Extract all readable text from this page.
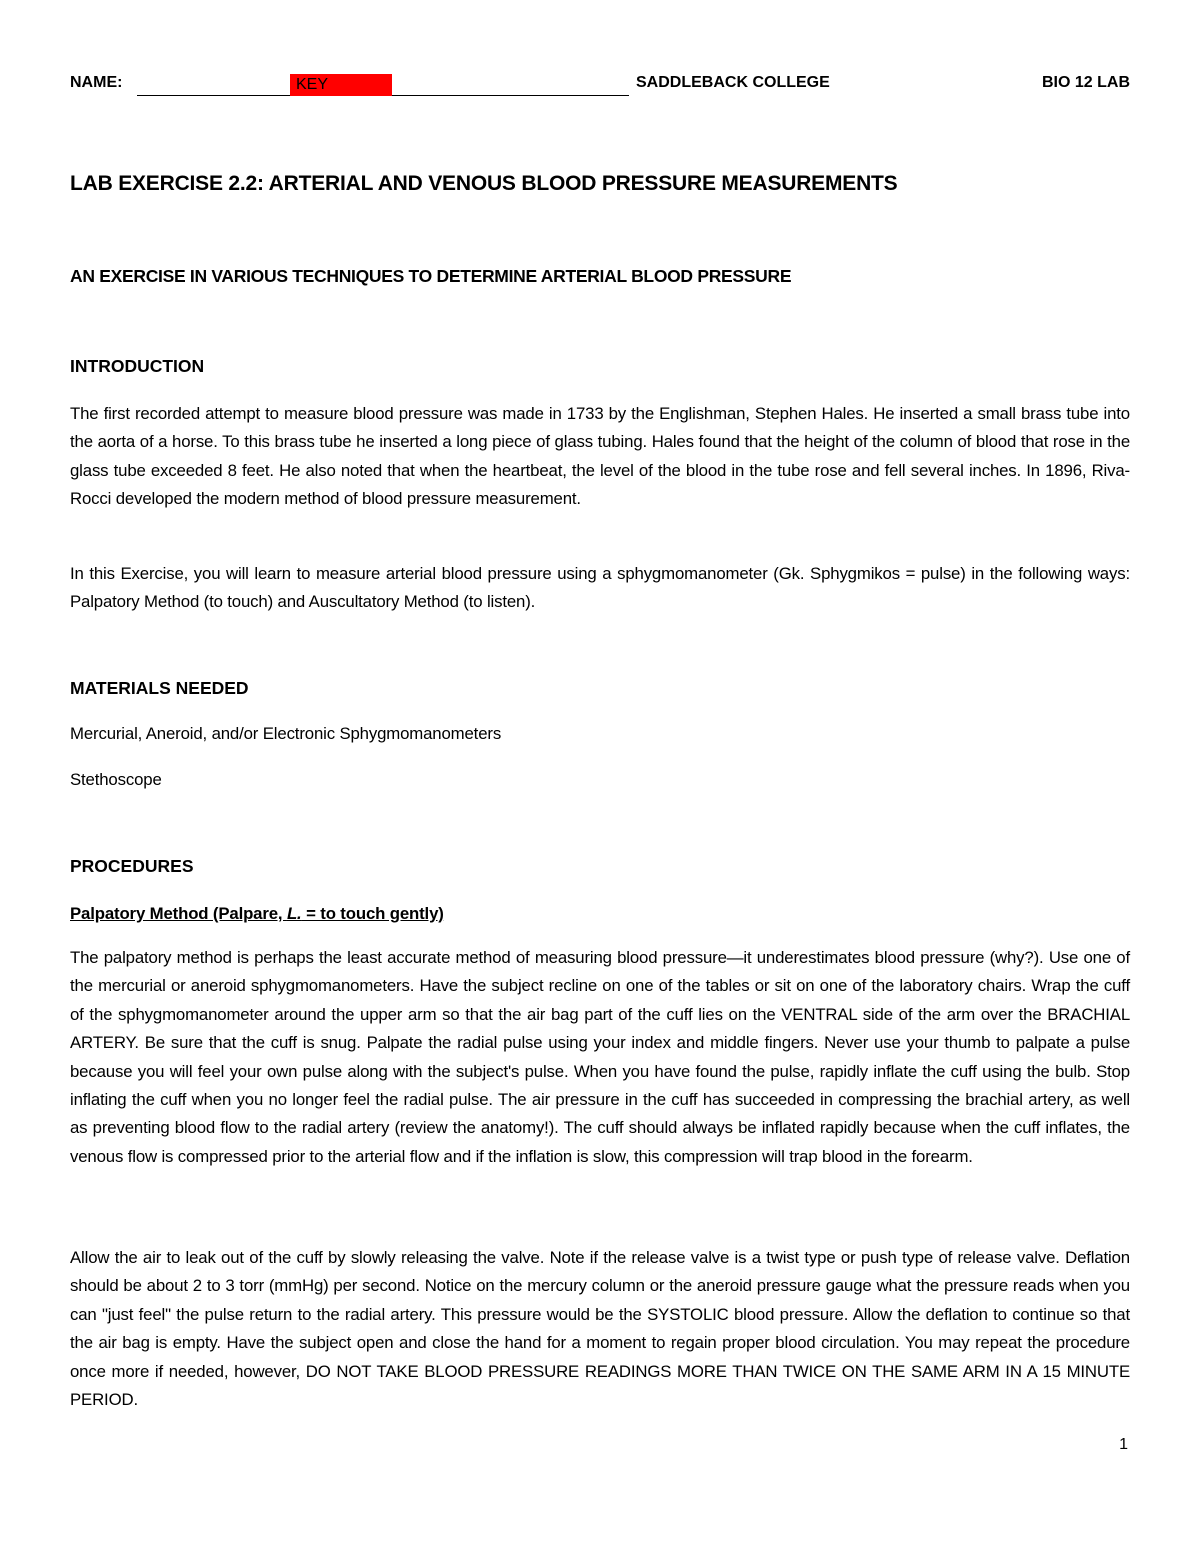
NAME:	KEY	SADDLEBACK COLLEGE	BIO 12 LAB
LAB EXERCISE 2.2: ARTERIAL AND VENOUS BLOOD PRESSURE MEASUREMENTS
AN EXERCISE IN VARIOUS TECHNIQUES TO DETERMINE ARTERIAL BLOOD PRESSURE
INTRODUCTION
The first recorded attempt to measure blood pressure was made in 1733 by the Englishman, Stephen Hales. He inserted a small brass tube into the aorta of a horse. To this brass tube he inserted a long piece of glass tubing. Hales found that the height of the column of blood that rose in the glass tube exceeded 8 feet. He also noted that when the heartbeat, the level of the blood in the tube rose and fell several inches. In 1896, Riva-Rocci developed the modern method of blood pressure measurement.
In this Exercise, you will learn to measure arterial blood pressure using a sphygmomanometer (Gk. Sphygmikos = pulse) in the following ways: Palpatory Method (to touch) and Auscultatory Method (to listen).
MATERIALS NEEDED
Mercurial, Aneroid, and/or Electronic Sphygmomanometers
Stethoscope
PROCEDURES
Palpatory Method (Palpare, L. = to touch gently)
The palpatory method is perhaps the least accurate method of measuring blood pressure—it underestimates blood pressure (why?). Use one of the mercurial or aneroid sphygmomanometers. Have the subject recline on one of the tables or sit on one of the laboratory chairs. Wrap the cuff of the sphygmomanometer around the upper arm so that the air bag part of the cuff lies on the VENTRAL side of the arm over the BRACHIAL ARTERY. Be sure that the cuff is snug. Palpate the radial pulse using your index and middle fingers. Never use your thumb to palpate a pulse because you will feel your own pulse along with the subject's pulse. When you have found the pulse, rapidly inflate the cuff using the bulb. Stop inflating the cuff when you no longer feel the radial pulse. The air pressure in the cuff has succeeded in compressing the brachial artery, as well as preventing blood flow to the radial artery (review the anatomy!). The cuff should always be inflated rapidly because when the cuff inflates, the venous flow is compressed prior to the arterial flow and if the inflation is slow, this compression will trap blood in the forearm.
Allow the air to leak out of the cuff by slowly releasing the valve. Note if the release valve is a twist type or push type of release valve. Deflation should be about 2 to 3 torr (mmHg) per second. Notice on the mercury column or the aneroid pressure gauge what the pressure reads when you can "just feel" the pulse return to the radial artery. This pressure would be the SYSTOLIC blood pressure. Allow the deflation to continue so that the air bag is empty. Have the subject open and close the hand for a moment to regain proper blood circulation. You may repeat the procedure once more if needed, however, DO NOT TAKE BLOOD PRESSURE READINGS MORE THAN TWICE ON THE SAME ARM IN A 15 MINUTE PERIOD.
1
